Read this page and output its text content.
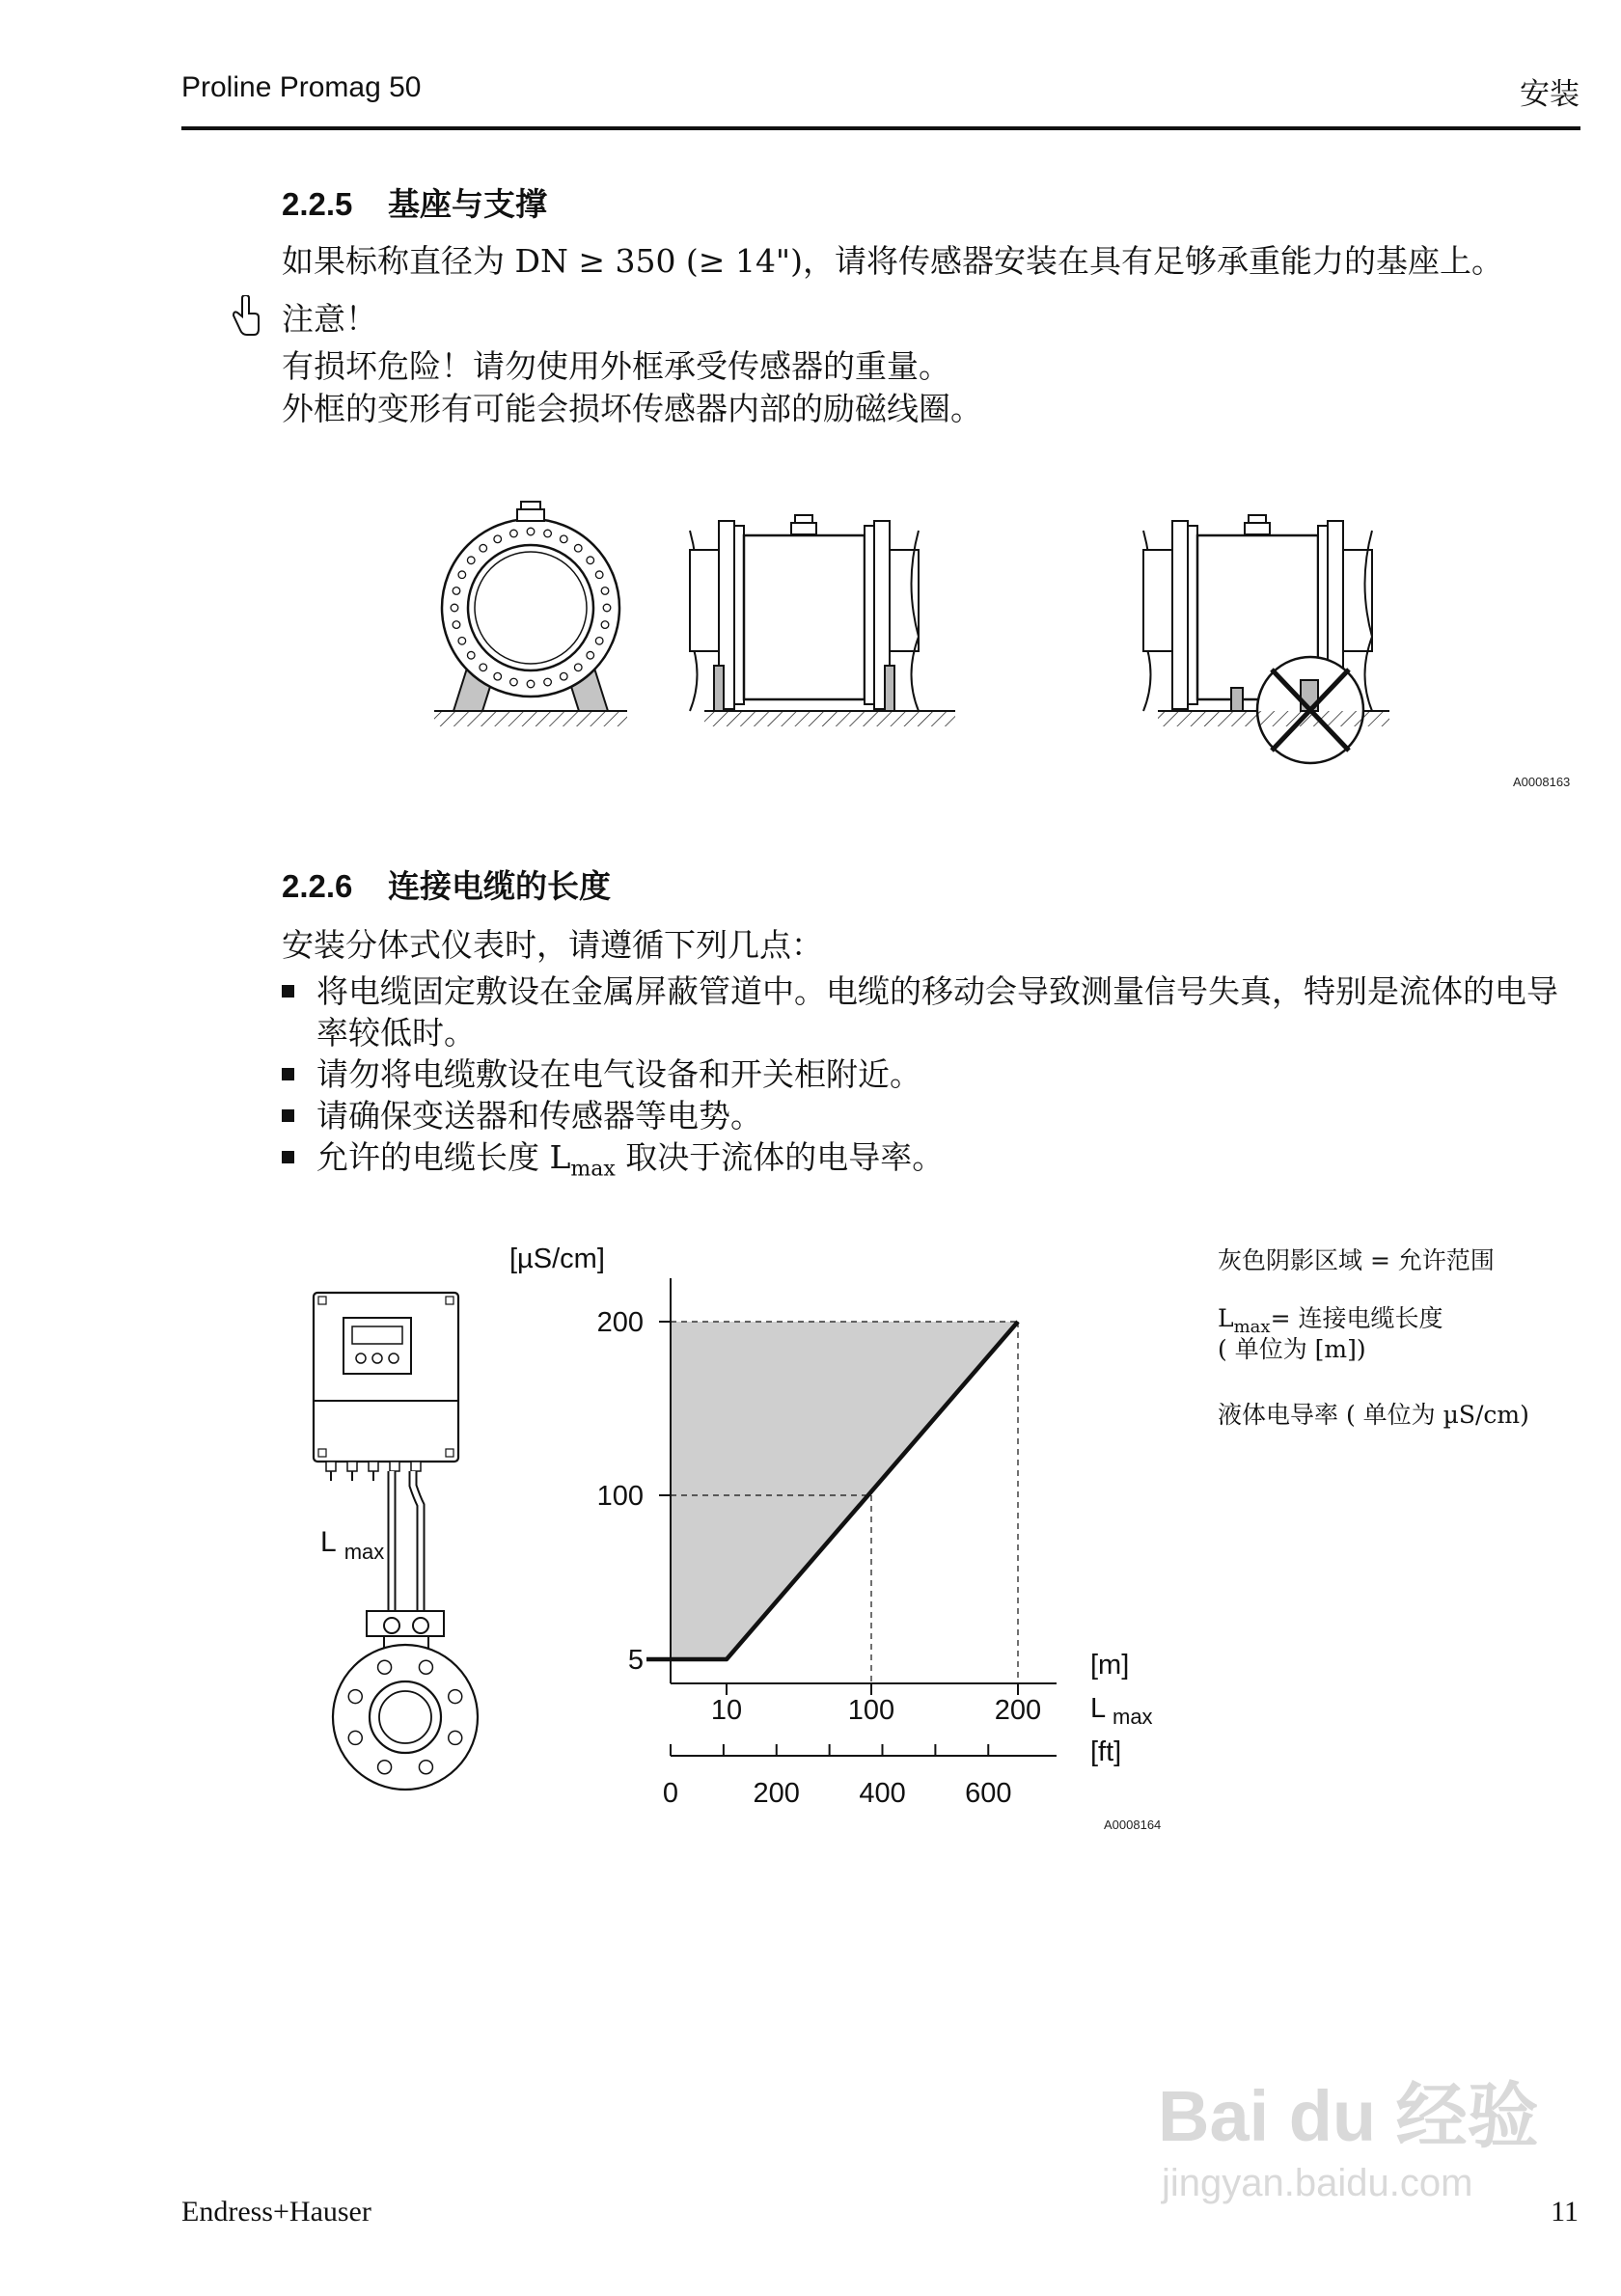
Proline Promag 50	安装
2.2.5 基座与支撑
如果标称直径为 DN ≥ 350 (≥ 14")，请将传感器安装在具有足够承重能力的基座上。
注意！
有损坏危险！请勿使用外框承受传感器的重量。
外框的变形有可能会损坏传感器内部的励磁线圈。
A0008163
2.2.6 连接电缆的长度
安装分体式仪表时，请遵循下列几点：
将电缆固定敷设在金属屏蔽管道中。电缆的移动会导致测量信号失真，特别是流体的电导率较低时。
请勿将电缆敷设在电气设备和开关柜附近。
请确保变送器和传感器等电势。
允许的电缆长度 $L_{max}$ 取决于流体的电导率。
L $_{max}$
5
100
200
[µS/cm]
10	100	200
[m]
L max
0	200 400 600
[ft]
A0008164
灰色阴影区域 = 允许范围
$L_{max}=$ 连接电缆长度
( 单位为 [m])
液体电导率 ( 单位为 µS/cm)
Endress+Hauser	11
Bai du 经验
jingyan.baidu.com
